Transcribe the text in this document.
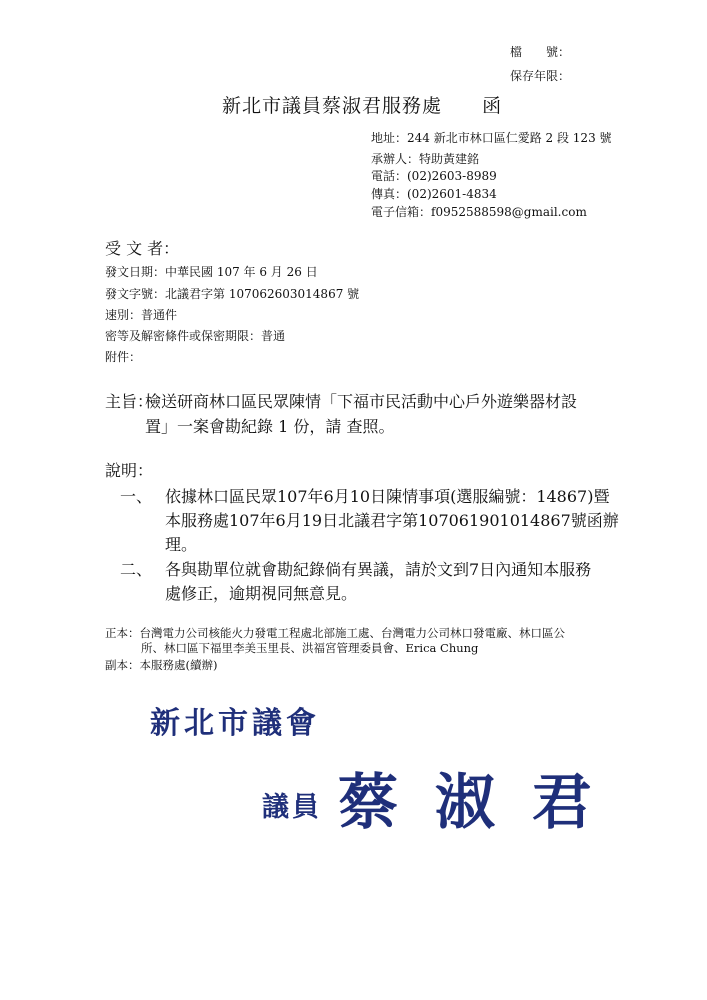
檔　　號：
保存年限：
新北市議員蔡淑君服務處 函
地址：244 新北市林口區仁愛路 2 段 123 號
承辦人：特助黃建銘
電話：(02)2603-8989
傳真：(02)2601-4834
電子信箱：f0952588598@gmail.com
受 文 者：
發文日期：中華民國 107 年 6 月 26 日
發文字號：北議君字第 107062603014867 號
速別：普通件
密等及解密條件或保密期限：普通
附件：
主旨：
檢送研商林口區民眾陳情「下福市民活動中心戶外遊樂器材設
置」一案會勘紀錄 1 份，請 查照。
說明：
一、 依據林口區民眾107年6月10日陳情事項(選服編號：14867)暨
本服務處107年6月19日北議君字第107061901014867號函辦
理。
二、 各與勘單位就會勘紀錄倘有異議，請於文到7日內通知本服務
處修正，逾期視同無意見。
正本：台灣電力公司核能火力發電工程處北部施工處、台灣電力公司林口發電廠、林口區公
所、林口區下福里李美玉里長、洪福宮管理委員會、Erica Chung
副本：本服務處(續辦)
新北市議會
議員 蔡 淑 君
